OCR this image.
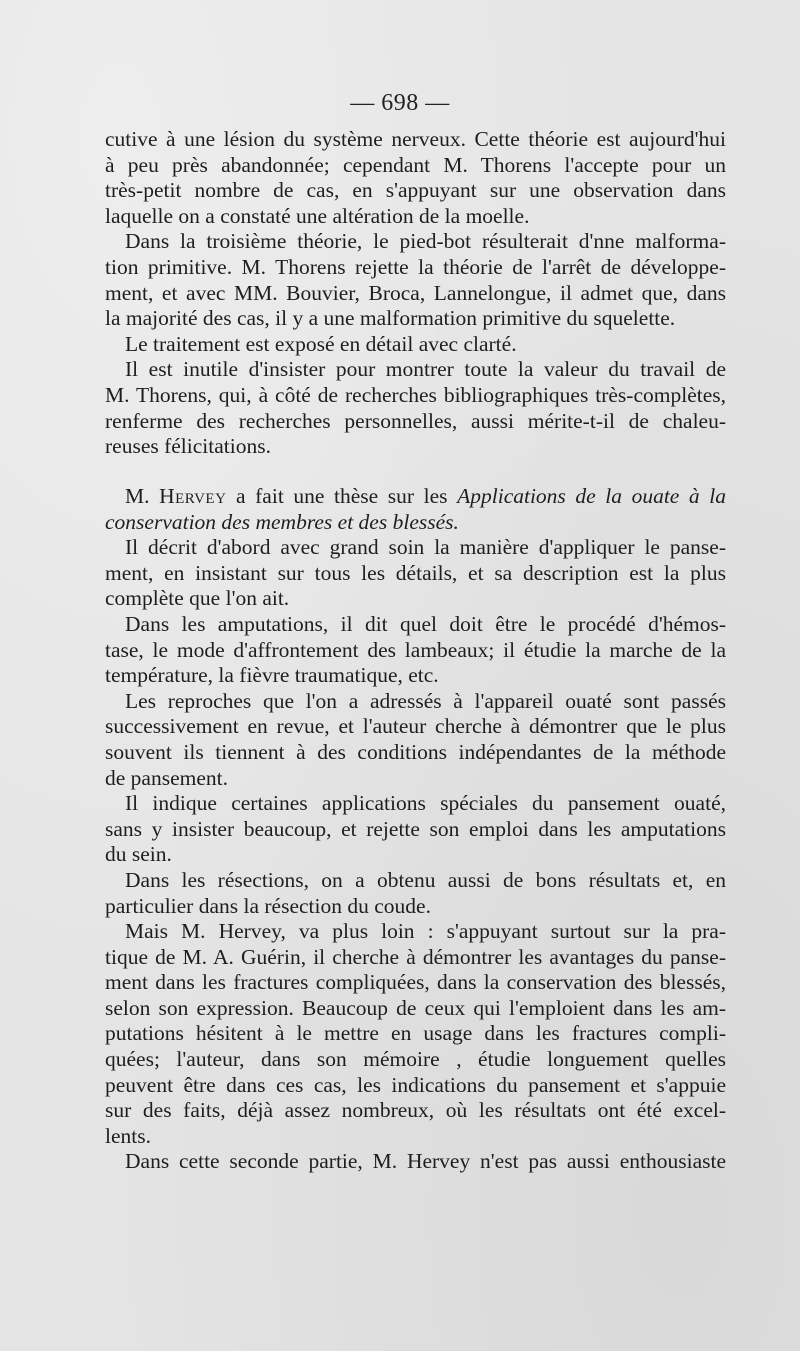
— 698 —
cutive à une lésion du système nerveux. Cette théorie est aujourd'hui
à peu près abandonnée; cependant M. Thorens l'accepte pour un
très-petit nombre de cas, en s'appuyant sur une observation dans
laquelle on a constaté une altération de la moelle.
Dans la troisième théorie, le pied-bot résulterait d'nne malforma-
tion primitive. M. Thorens rejette la théorie de l'arrêt de développe-
ment, et avec MM. Bouvier, Broca, Lannelongue, il admet que, dans
la majorité des cas, il y a une malformation primitive du squelette.
Le traitement est exposé en détail avec clarté.
Il est inutile d'insister pour montrer toute la valeur du travail de
M. Thorens, qui, à côté de recherches bibliographiques très-complètes,
renferme des recherches personnelles, aussi mérite-t-il de chaleu-
reuses félicitations.
M. Hervey a fait une thèse sur les Applications de la ouate à la
conservation des membres et des blessés.
Il décrit d'abord avec grand soin la manière d'appliquer le panse-
ment, en insistant sur tous les détails, et sa description est la plus
complète que l'on ait.
Dans les amputations, il dit quel doit être le procédé d'hémos-
tase, le mode d'affrontement des lambeaux; il étudie la marche de la
température, la fièvre traumatique, etc.
Les reproches que l'on a adressés à l'appareil ouaté sont passés
successivement en revue, et l'auteur cherche à démontrer que le plus
souvent ils tiennent à des conditions indépendantes de la méthode
de pansement.
Il indique certaines applications spéciales du pansement ouaté,
sans y insister beaucoup, et rejette son emploi dans les amputations
du sein.
Dans les résections, on a obtenu aussi de bons résultats et, en
particulier dans la résection du coude.
Mais M. Hervey, va plus loin : s'appuyant surtout sur la pra-
tique de M. A. Guérin, il cherche à démontrer les avantages du panse-
ment dans les fractures compliquées, dans la conservation des blessés,
selon son expression. Beaucoup de ceux qui l'emploient dans les am-
putations hésitent à le mettre en usage dans les fractures compli-
quées; l'auteur, dans son mémoire , étudie longuement quelles
peuvent être dans ces cas, les indications du pansement et s'appuie
sur des faits, déjà assez nombreux, où les résultats ont été excel-
lents.
Dans cette seconde partie, M. Hervey n'est pas aussi enthousiaste
